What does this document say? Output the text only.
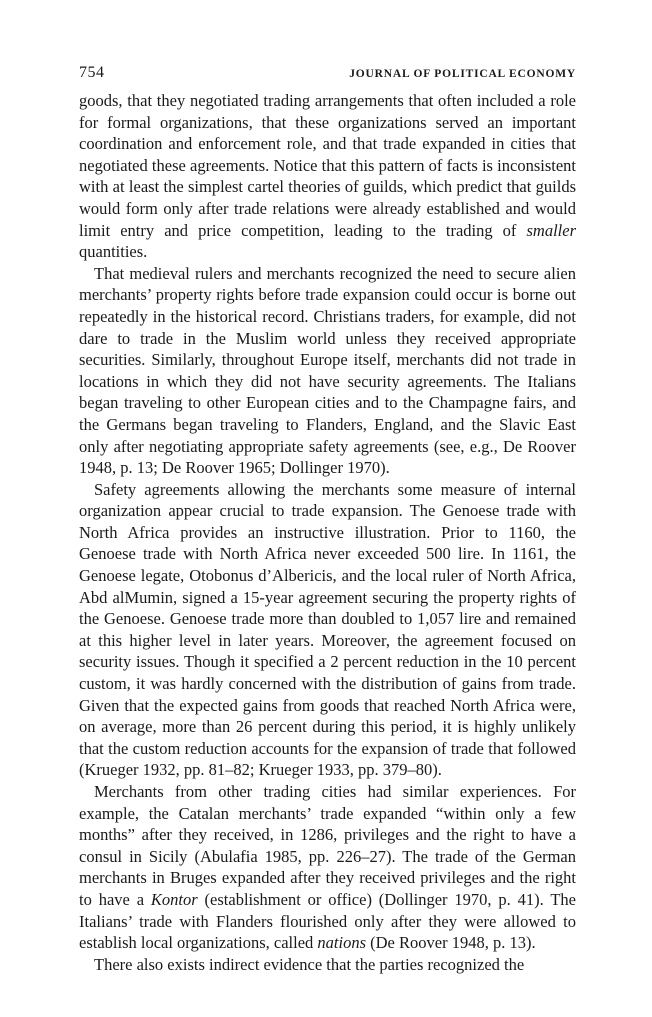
754	JOURNAL OF POLITICAL ECONOMY

goods, that they negotiated trading arrangements that often included a role for formal organizations, that these organizations served an important coordination and enforcement role, and that trade expanded in cities that negotiated these agreements. Notice that this pattern of facts is inconsistent with at least the simplest cartel theories of guilds, which predict that guilds would form only after trade relations were already established and would limit entry and price competition, leading to the trading of smaller quantities.

That medieval rulers and merchants recognized the need to secure alien merchants’ property rights before trade expansion could occur is borne out repeatedly in the historical record. Christians traders, for example, did not dare to trade in the Muslim world unless they received appropriate securities. Similarly, throughout Europe itself, merchants did not trade in locations in which they did not have security agreements. The Italians began traveling to other European cities and to the Champagne fairs, and the Germans began traveling to Flanders, England, and the Slavic East only after negotiating appropriate safety agreements (see, e.g., De Roover 1948, p. 13; De Roover 1965; Dollinger 1970).

Safety agreements allowing the merchants some measure of internal organization appear crucial to trade expansion. The Genoese trade with North Africa provides an instructive illustration. Prior to 1160, the Genoese trade with North Africa never exceeded 500 lire. In 1161, the Genoese legate, Otobonus d’Albericis, and the local ruler of North Africa, Abd alMumin, signed a 15-year agreement securing the property rights of the Genoese. Genoese trade more than doubled to 1,057 lire and remained at this higher level in later years. Moreover, the agreement focused on security issues. Though it specified a 2 percent reduction in the 10 percent custom, it was hardly concerned with the distribution of gains from trade. Given that the expected gains from goods that reached North Africa were, on average, more than 26 percent during this period, it is highly unlikely that the custom reduction accounts for the expansion of trade that followed (Krueger 1932, pp. 81–82; Krueger 1933, pp. 379–80).

Merchants from other trading cities had similar experiences. For example, the Catalan merchants’ trade expanded “within only a few months” after they received, in 1286, privileges and the right to have a consul in Sicily (Abulafia 1985, pp. 226–27). The trade of the German merchants in Bruges expanded after they received privileges and the right to have a Kontor (establishment or office) (Dollinger 1970, p. 41). The Italians’ trade with Flanders flourished only after they were allowed to establish local organizations, called nations (De Roover 1948, p. 13).

There also exists indirect evidence that the parties recognized the
